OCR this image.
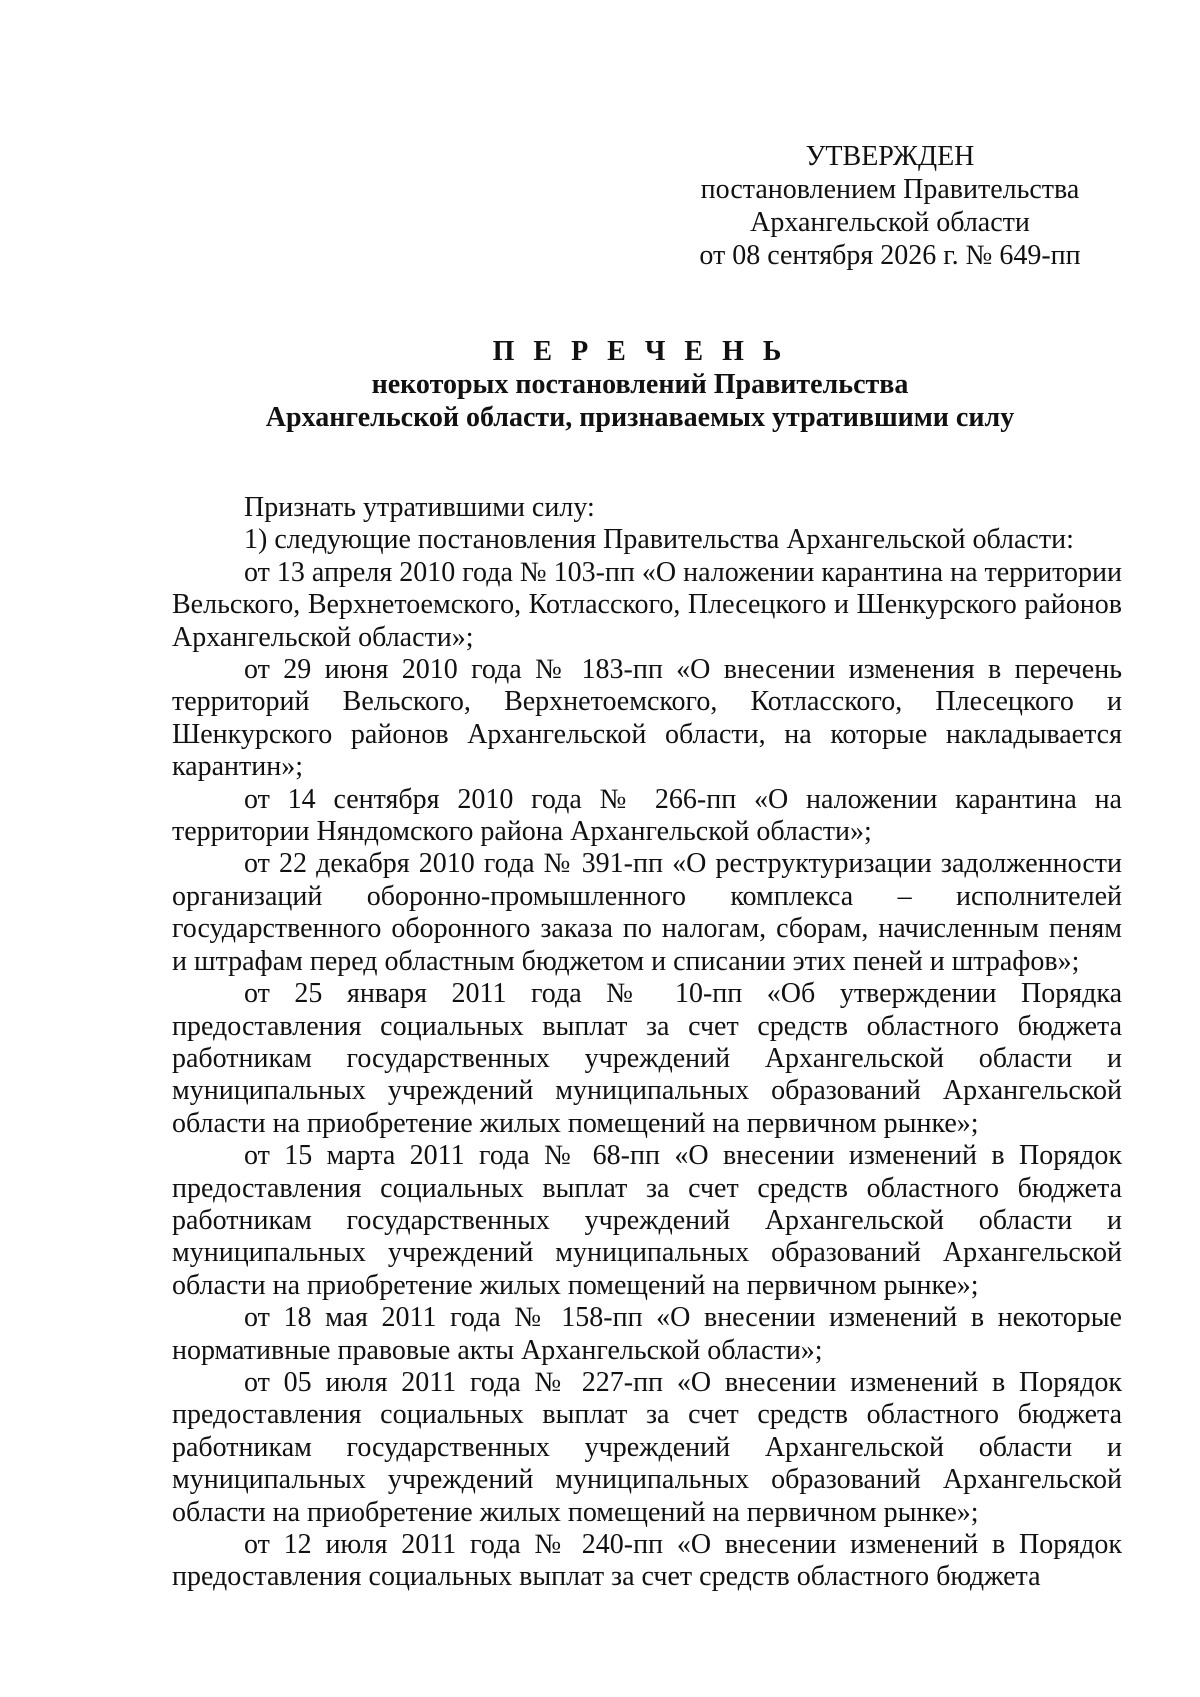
УТВЕРЖДЕН
постановлением Правительства
Архангельской области
от 08 сентября 2026 г. № 649-пп
П Е Р Е Ч Е Н Ь
некоторых постановлений Правительства
Архангельской области, признаваемых утратившими силу

Признать утратившими силу:

1) следующие постановления Правительства Архангельской области:

от 13 апреля 2010 года № 103-пп «О наложении карантина на территории Вельского, Верхнетоемского, Котласского, Плесецкого и Шенкурского районов Архангельской области»;

от 29 июня 2010 года № 183-пп «О внесении изменения в перечень территорий Вельского, Верхнетоемского, Котласского, Плесецкого и Шенкурского районов Архангельской области, на которые накладывается карантин»;

от 14 сентября 2010 года № 266-пп «О наложении карантина на территории Няндомского района Архангельской области»;

от 22 декабря 2010 года № 391-пп «О реструктуризации задолженности организаций оборонно-промышленного комплекса – исполнителей государственного оборонного заказа по налогам, сборам, начисленным пеням и штрафам перед областным бюджетом и списании этих пеней и штрафов»;

от 25 января 2011 года № 10-пп «Об утверждении Порядка предоставления социальных выплат за счет средств областного бюджета работникам государственных учреждений Архангельской области и муниципальных учреждений муниципальных образований Архангельской области на приобретение жилых помещений на первичном рынке»;

от 15 марта 2011 года № 68-пп «О внесении изменений в Порядок предоставления социальных выплат за счет средств областного бюджета работникам государственных учреждений Архангельской области и муниципальных учреждений муниципальных образований Архангельской области на приобретение жилых помещений на первичном рынке»;

от 18 мая 2011 года № 158-пп «О внесении изменений в некоторые нормативные правовые акты Архангельской области»;

от 05 июля 2011 года № 227-пп «О внесении изменений в Порядок предоставления социальных выплат за счет средств областного бюджета работникам государственных учреждений Архангельской области и муниципальных учреждений муниципальных образований Архангельской области на приобретение жилых помещений на первичном рынке»;

от 12 июля 2011 года № 240-пп «О внесении изменений в Порядок предоставления социальных выплат за счет средств областного бюджета
